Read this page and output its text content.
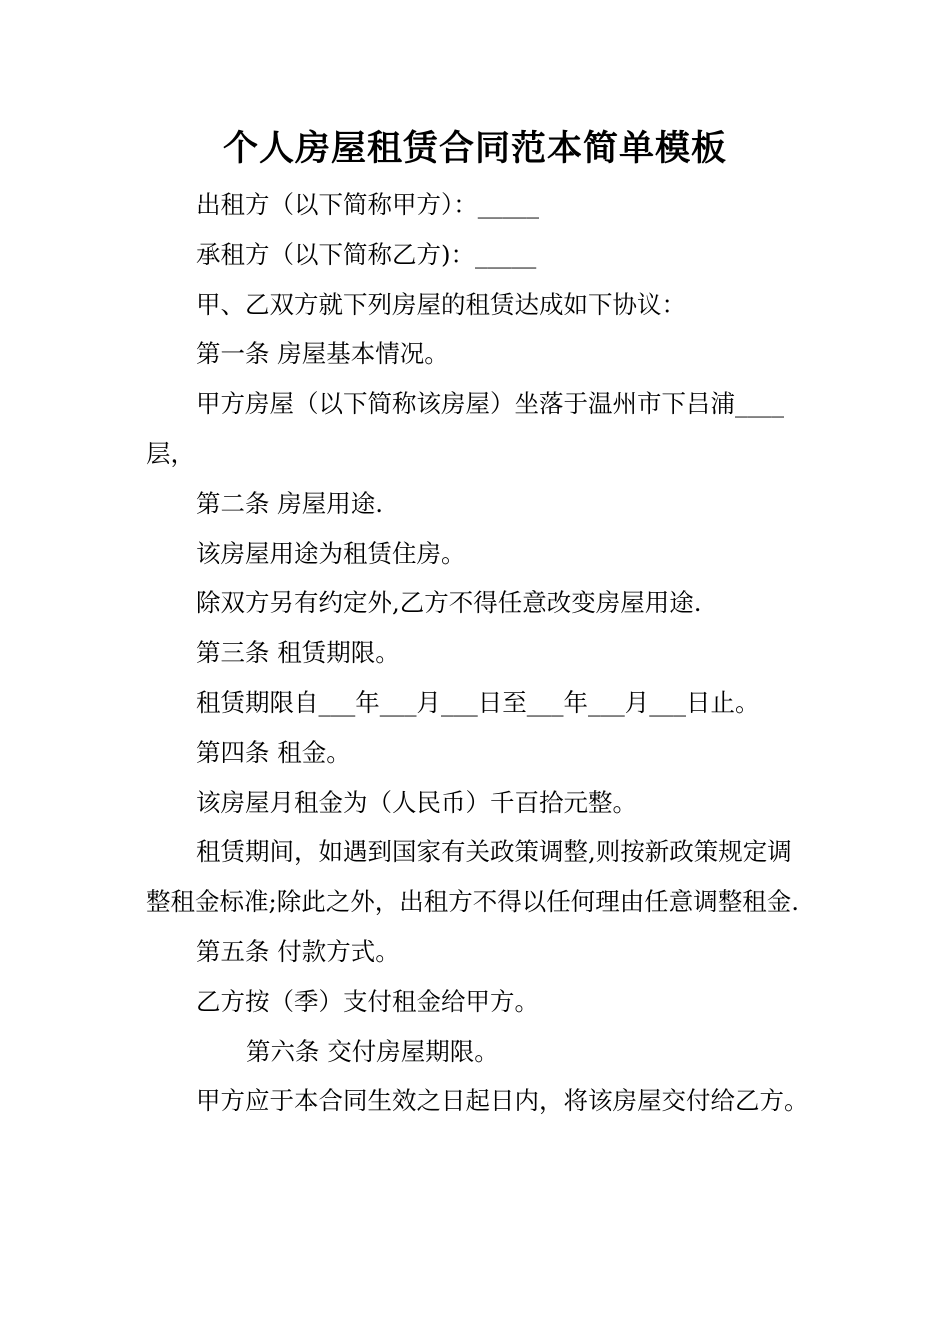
个人房屋租赁合同范本简单模板

出租方（以下简称甲方）：_____

承租方（以下简称乙方)：_____

甲、乙双方就下列房屋的租赁达成如下协议：

第一条 房屋基本情况。

甲方房屋（以下简称该房屋）坐落于温州市下吕浦____层，

第二条 房屋用途.

该房屋用途为租赁住房。

除双方另有约定外,乙方不得任意改变房屋用途.

第三条 租赁期限。

租赁期限自___年___月___日至___年___月___日止。

第四条 租金。

该房屋月租金为（人民币）千百拾元整。

租赁期间，如遇到国家有关政策调整,则按新政策规定调整租金标准;除此之外，出租方不得以任何理由任意调整租金.

第五条 付款方式。

乙方按（季）支付租金给甲方。

第六条 交付房屋期限。

甲方应于本合同生效之日起日内，将该房屋交付给乙方。
